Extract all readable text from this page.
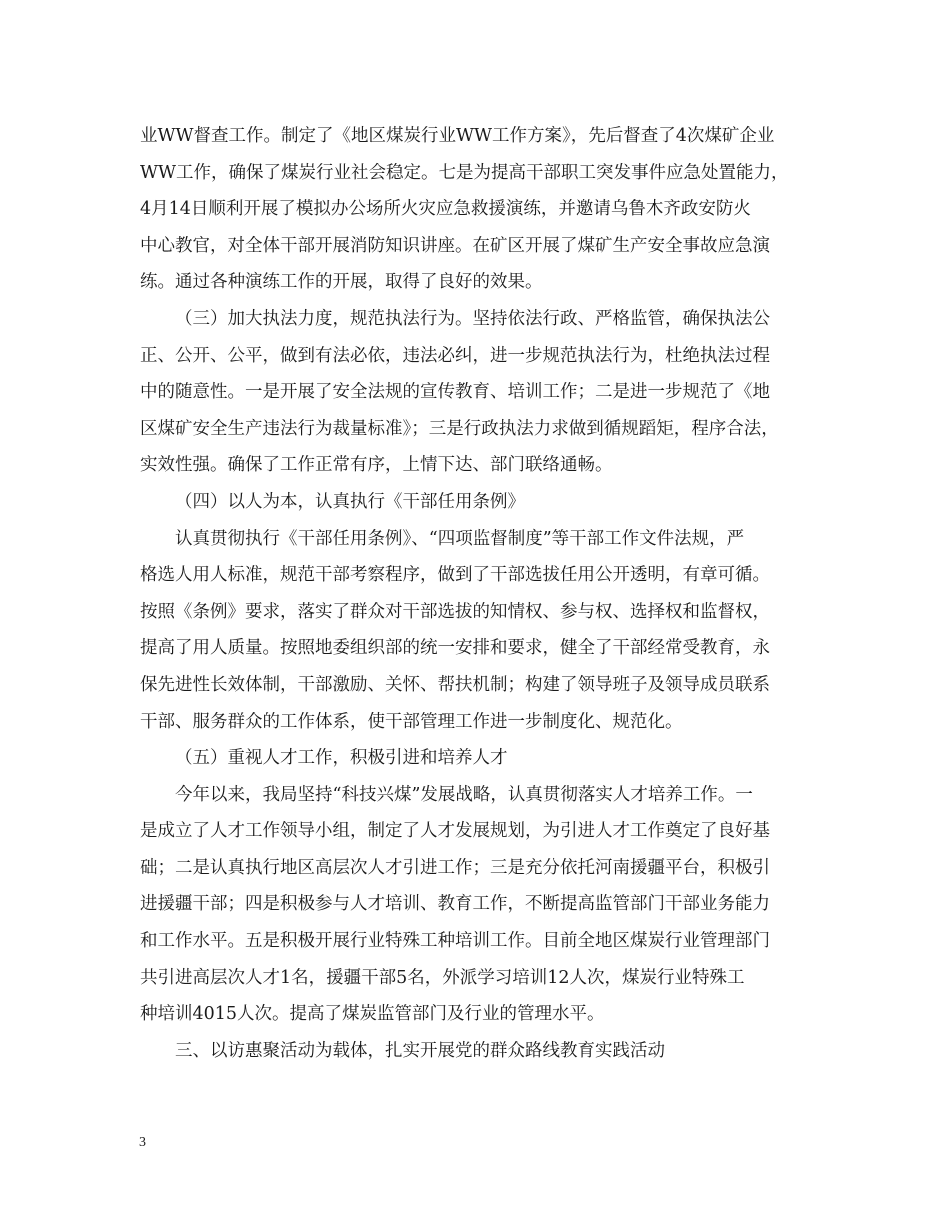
业WW督查工作。制定了《地区煤炭行业WW工作方案》，先后督查了4次煤矿企业
WW工作，确保了煤炭行业社会稳定。七是为提高干部职工突发事件应急处置能力，
4月14日顺利开展了模拟办公场所火灾应急救援演练，并邀请乌鲁木齐政安防火
中心教官，对全体干部开展消防知识讲座。在矿区开展了煤矿生产安全事故应急演
练。通过各种演练工作的开展，取得了良好的效果。
（三）加大执法力度，规范执法行为。坚持依法行政、严格监管，确保执法公
正、公开、公平，做到有法必依，违法必纠，进一步规范执法行为，杜绝执法过程
中的随意性。一是开展了安全法规的宣传教育、培训工作；二是进一步规范了《地
区煤矿安全生产违法行为裁量标准》；三是行政执法力求做到循规蹈矩，程序合法，
实效性强。确保了工作正常有序，上情下达、部门联络通畅。
（四）以人为本，认真执行《干部任用条例》
认真贯彻执行《干部任用条例》、“四项监督制度”等干部工作文件法规，严
格选人用人标准，规范干部考察程序，做到了干部选拔任用公开透明，有章可循。
按照《条例》要求，落实了群众对干部选拔的知情权、参与权、选择权和监督权，
提高了用人质量。按照地委组织部的统一安排和要求，健全了干部经常受教育，永
保先进性长效体制，干部激励、关怀、帮扶机制；构建了领导班子及领导成员联系
干部、服务群众的工作体系，使干部管理工作进一步制度化、规范化。
（五）重视人才工作，积极引进和培养人才
今年以来，我局坚持“科技兴煤”发展战略，认真贯彻落实人才培养工作。一
是成立了人才工作领导小组，制定了人才发展规划，为引进人才工作奠定了良好基
础；二是认真执行地区高层次人才引进工作；三是充分依托河南援疆平台，积极引
进援疆干部；四是积极参与人才培训、教育工作，不断提高监管部门干部业务能力
和工作水平。五是积极开展行业特殊工种培训工作。目前全地区煤炭行业管理部门
共引进高层次人才1名，援疆干部5名，外派学习培训12人次，煤炭行业特殊工
种培训4015人次。提高了煤炭监管部门及行业的管理水平。
三、以访惠聚活动为载体，扎实开展党的群众路线教育实践活动
3
